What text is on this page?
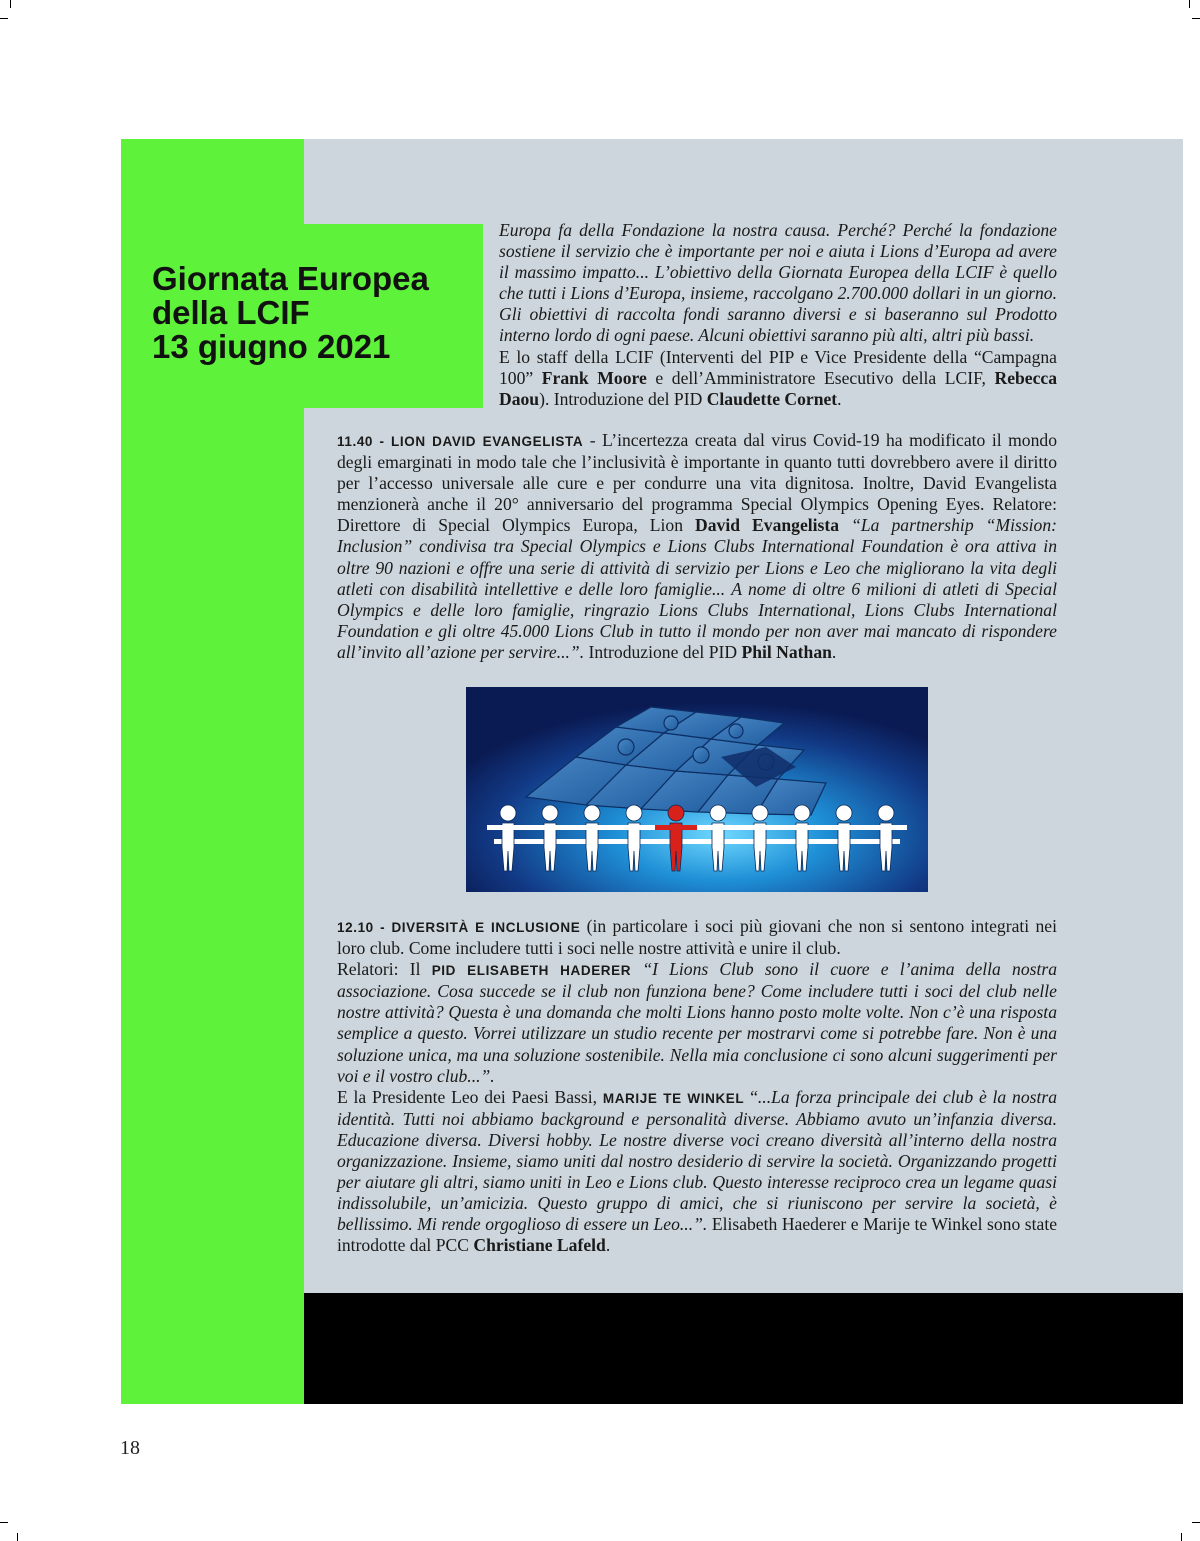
Giornata Europea
della LCIF
13 giugno 2021

Europa fa della Fondazione la nostra causa. Perché? Perché la fondazione sostiene il servizio che è importante per noi e aiuta i Lions d’Europa ad avere il massimo impatto... L’obiettivo della Giornata Europea della LCIF è quello che tutti i Lions d’Europa, insieme, raccolgano 2.700.000 dollari in un giorno. Gli obiettivi di raccolta fondi saranno diversi e si baseranno sul Prodotto interno lordo di ogni paese. Alcuni obiettivi saranno più alti, altri più bassi.

E lo staff della LCIF (Interventi del PIP e Vice Presidente della “Campagna 100” Frank Moore e dell’Amministratore Esecutivo della LCIF, Rebecca Daou). Introduzione del PID Claudette Cornet.

11.40 - LION DAVID EVANGELISTA - L’incertezza creata dal virus Covid-19 ha modificato il mondo degli emarginati in modo tale che l’inclusività è importante in quanto tutti dovrebbero avere il diritto per l’accesso universale alle cure e per condurre una vita dignitosa. Inoltre, David Evangelista menzionerà anche il 20° anniversario del programma Special Olympics Opening Eyes. Relatore: Direttore di Special Olympics Europa, Lion David Evangelista “La partnership “Mission: Inclusion” condivisa tra Special Olympics e Lions Clubs International Foundation è ora attiva in oltre 90 nazioni e offre una serie di attività di servizio per Lions e Leo che migliorano la vita degli atleti con disabilità intellettive e delle loro famiglie... A nome di oltre 6 milioni di atleti di Special Olympics e delle loro famiglie, ringrazio Lions Clubs International, Lions Clubs International Foundation e gli oltre 45.000 Lions Club in tutto il mondo per non aver mai mancato di rispondere all’invito all’azione per servire...”. Introduzione del PID Phil Nathan.

12.10 - DIVERSITÀ E INCLUSIONE (in particolare i soci più giovani che non si sentono integrati nei loro club. Come includere tutti i soci nelle nostre attività e unire il club.

Relatori: Il PID ELISABETH HADERER “I Lions Club sono il cuore e l’anima della nostra associazione. Cosa succede se il club non funziona bene? Come includere tutti i soci del club nelle nostre attività? Questa è una domanda che molti Lions hanno posto molte volte. Non c’è una risposta semplice a questo. Vorrei utilizzare un studio recente per mostrarvi come si potrebbe fare. Non è una soluzione unica, ma una soluzione sostenibile. Nella mia conclusione ci sono alcuni suggerimenti per voi e il vostro club...”.

E la Presidente Leo dei Paesi Bassi, MARIJE TE WINKEL “...La forza principale dei club è la nostra identità. Tutti noi abbiamo background e personalità diverse. Abbiamo avuto un’infanzia diversa. Educazione diversa. Diversi hobby. Le nostre diverse voci creano diversità all’interno della nostra organizzazione. Insieme, siamo uniti dal nostro desiderio di servire la società. Organizzando progetti per aiutare gli altri, siamo uniti in Leo e Lions club. Questo interesse reciproco crea un legame quasi indissolubile, un’amicizia. Questo gruppo di amici, che si riuniscono per servire la società, è bellissimo. Mi rende orgoglioso di essere un Leo...”. Elisabeth Haederer e Marije te Winkel sono state introdotte dal PCC Christiane Lafeld.

18
